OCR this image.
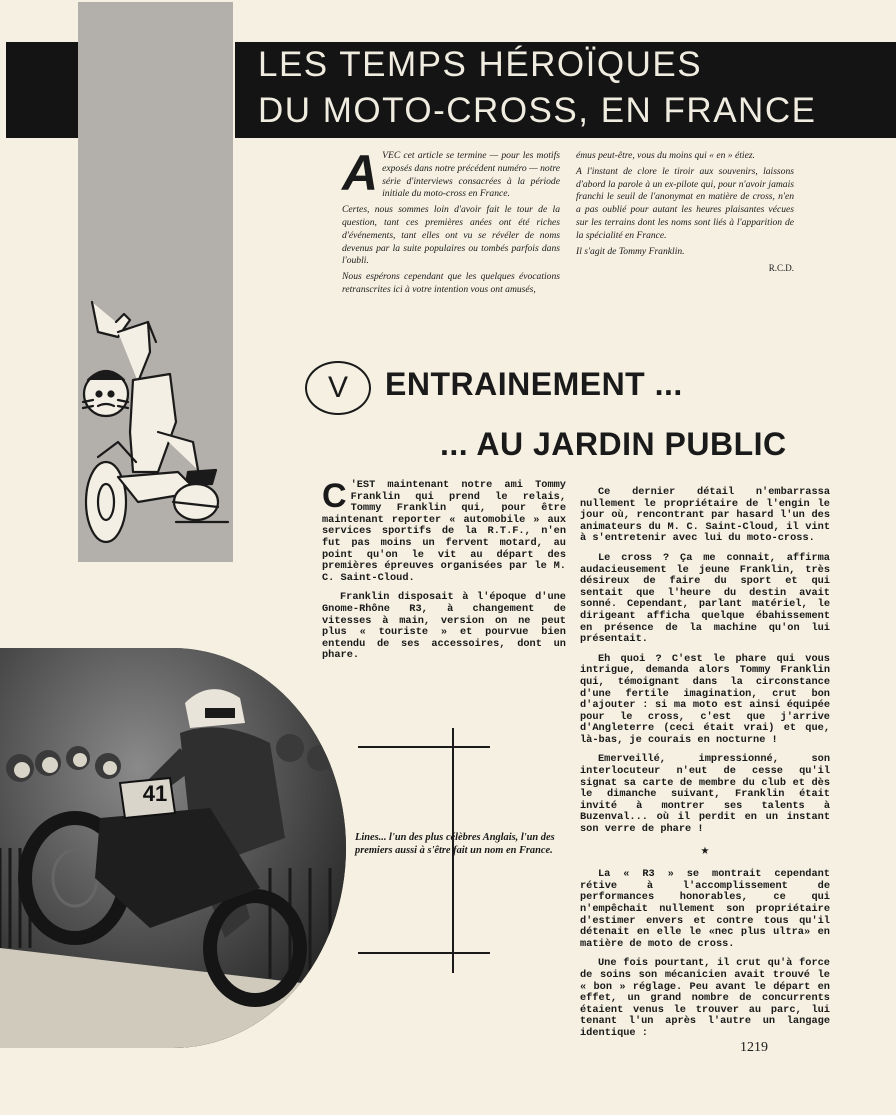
LES TEMPS HÉROÏQUES
DU MOTO-CROSS, EN FRANCE
A VEC cet article se termine — pour les motifs exposés dans notre précédent numéro — notre série d'interviews consacrées à la période initiale du moto-cross en France.

Certes, nous sommes loin d'avoir fait le tour de la question, tant ces premières anées ont été riches d'événements, tant elles ont vu se révéler de noms devenus par la suite populaires ou tombés parfois dans l'oubli.

Nous espérons cependant que les quelques évocations retranscrites ici à votre intention vous ont amusés,

émus peut-être, vous du moins qui « en » étiez.

A l'instant de clore le tiroir aux souvenirs, laissons d'abord la parole à un ex-pilote qui, pour n'avoir jamais franchi le seuil de l'anonymat en matière de cross, n'en a pas oublié pour autant les heures plaisantes vécues sur les terrains dont les noms sont liés à l'apparition de la spécialité en France.

Il s'agit de Tommy Franklin.

R.C.D.
V	ENTRAINEMENT ...
... AU JARDIN PUBLIC

C 'EST maintenant notre ami Tommy Franklin qui prend le relais, Tommy Franklin qui, pour être maintenant reporter « automobile » aux services sportifs de la R.T.F., n'en fut pas moins un fervent motard, au point qu'on le vit au départ des premières épreuves organisées par le M. C. Saint-Cloud.

Franklin disposait à l'époque d'une Gnome-Rhône R3, à changement de vitesses à main, version on ne peut plus « touriste » et pourvue bien entendu de ses accessoires, dont un phare.

Ce dernier détail n'embarrassa nullement le propriétaire de l'engin le jour où, rencontrant par hasard l'un des animateurs du M. C. Saint-Cloud, il vint à s'entretenir avec lui du moto-cross.

Le cross ? Ça me connait, affirma audacieusement le jeune Franklin, très désireux de faire du sport et qui sentait que l'heure du destin avait sonné. Cependant, parlant matériel, le dirigeant afficha quelque ébahissement en présence de la machine qu'on lui présentait.

Eh quoi ? C'est le phare qui vous intrigue, demanda alors Tommy Franklin qui, témoignant dans la circonstance d'une fertile imagination, crut bon d'ajouter : si ma moto est ainsi équipée pour le cross, c'est que j'arrive d'Angleterre (ceci était vrai) et que, là-bas, je courais en nocturne !

Emerveillé, impressionné, son interlocuteur n'eut de cesse qu'il signat sa carte de membre du club et dès le dimanche suivant, Franklin était invité à montrer ses talents à Buzenval... où il perdit en un instant son verre de phare !

★

La « R3 » se montrait cependant rétive à l'accomplissement de performances honorables, ce qui n'empêchait nullement son propriétaire d'estimer envers et contre tous qu'il détenait en elle le «nec plus ultra» en matière de moto de cross.

Une fois pourtant, il crut qu'à force de soins son mécanicien avait trouvé le « bon » réglage. Peu avant le départ en effet, un grand nombre de concurrents étaient venus le trouver au parc, lui tenant l'un après l'autre un langage identique :

41
Lines... l'un des plus célèbres Anglais, l'un des premiers aussi à s'être fait un nom en France.
1219
